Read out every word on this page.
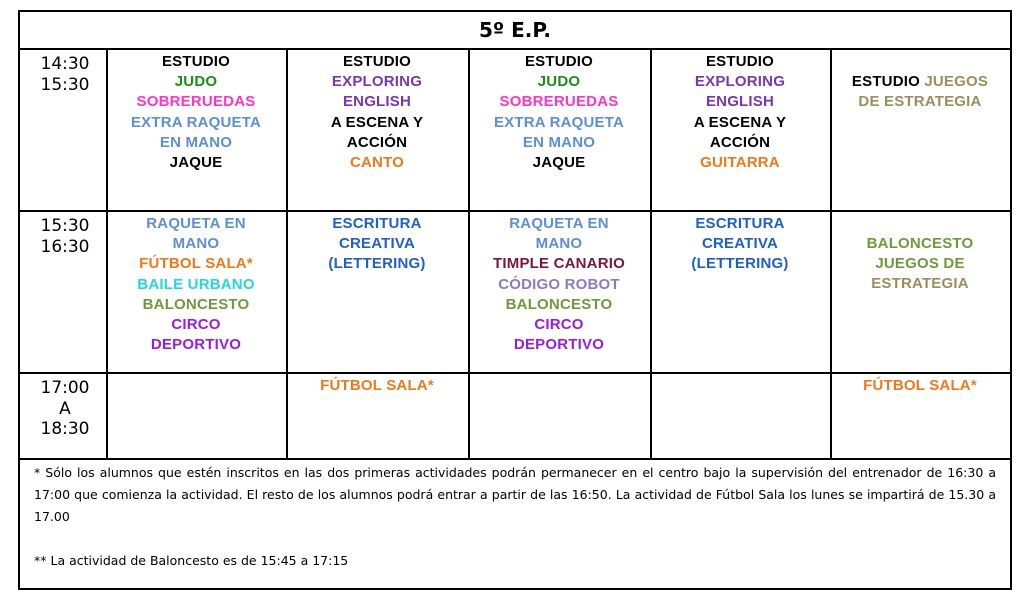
5º E.P.
14:30
15:30
15:30
16:30
17:00
A
18:30
ESTUDIO
JUDO
SOBRERUEDAS
EXTRA RAQUETA
EN MANO
JAQUE
ESTUDIO
EXPLORING
ENGLISH
A ESCENA Y
ACCIÓN
CANTO
ESTUDIO
JUDO
SOBRERUEDAS
EXTRA RAQUETA
EN MANO
JAQUE
ESTUDIO
EXPLORING
ENGLISH
A ESCENA Y
ACCIÓN
GUITARRA
ESTUDIO JUEGOS
DE ESTRATEGIA
RAQUETA EN
MANO
FÚTBOL SALA*
BAILE URBANO
BALONCESTO
CIRCO
DEPORTIVO
ESCRITURA
CREATIVA
(LETTERING)
RAQUETA EN
MANO
TIMPLE CANARIO
CÓDIGO ROBOT
BALONCESTO
CIRCO
DEPORTIVO
ESCRITURA
CREATIVA
(LETTERING)
BALONCESTO
JUEGOS DE
ESTRATEGIA
FÚTBOL SALA*	FÚTBOL SALA*

* Sólo los alumnos que estén inscritos en las dos primeras actividades podrán permanecer en el centro bajo la supervisión del entrenador de 16:30 a 17:00 que comienza la actividad. El resto de los alumnos podrá entrar a partir de las 16:50. La actividad de Fútbol Sala los lunes se impartirá de 15.30 a 17.00

** La actividad de Baloncesto es de 15:45 a 17:15
